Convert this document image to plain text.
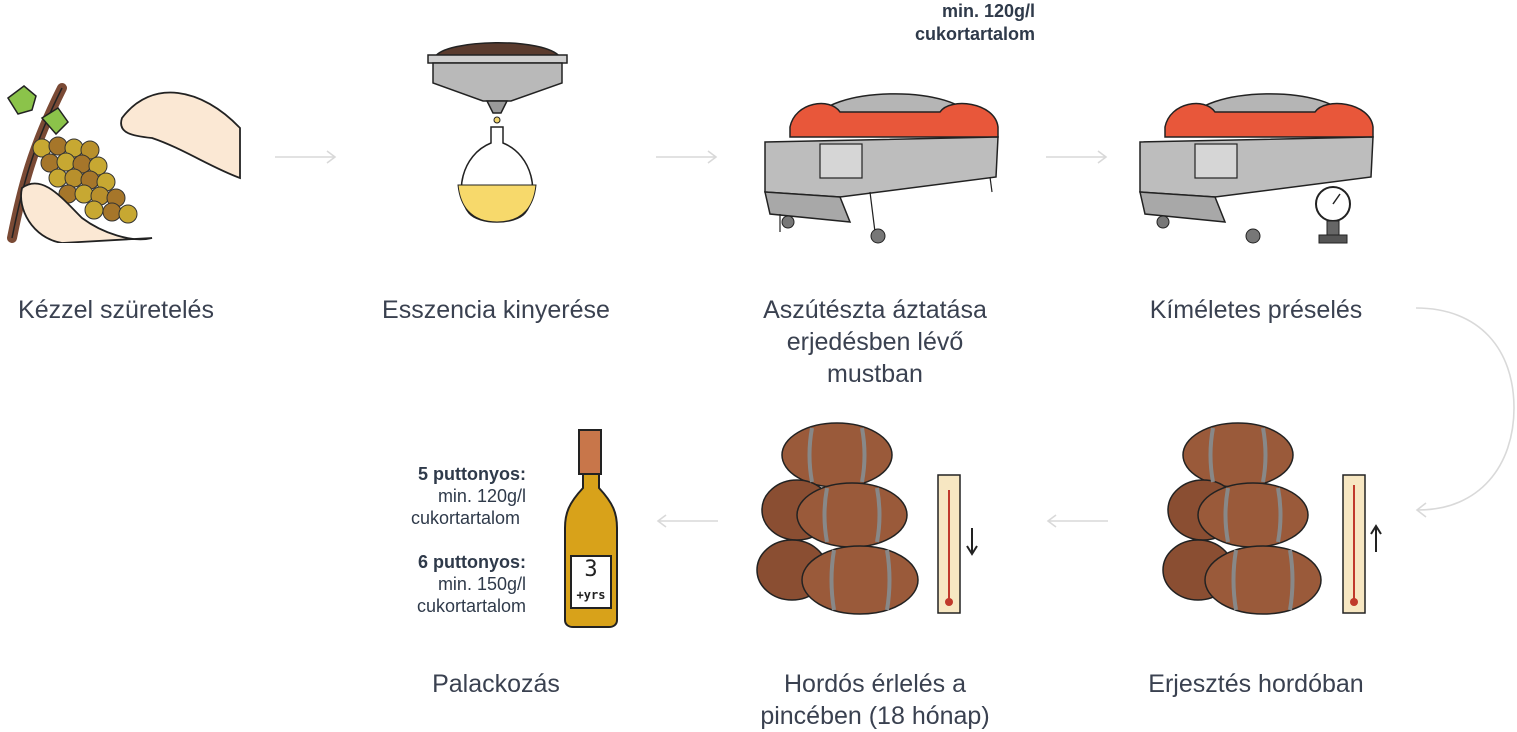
min. 120g/l
cukortartalom
Kézzel szüretelés	Esszencia kinyerése	Aszútészta áztatása
erjedésben lévő
mustban
Kíméletes préselés
3
+yrs
5 puttonyos:
min. 120g/l
cukortartalom
6 puttonyos:
min. 150g/l
cukortartalom
Palackozás	Hordós érlelés a
pincében (18 hónap)
Erjesztés hordóban
